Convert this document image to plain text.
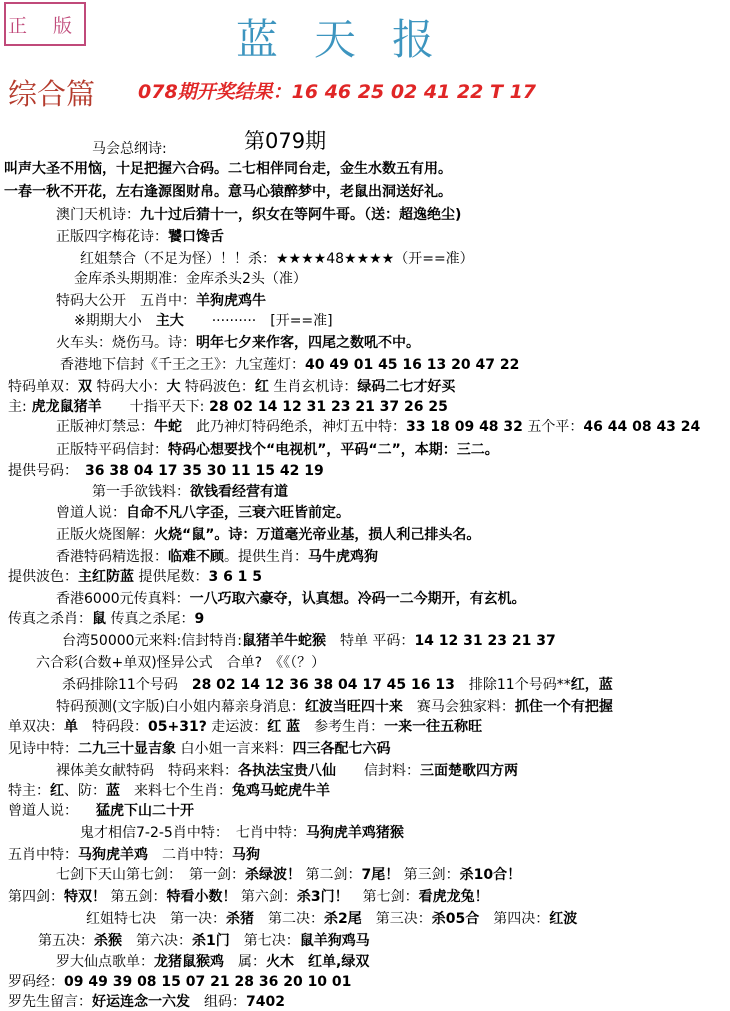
正 版	蓝天报
综合篇 078期开奖结果：16 46 25 02 41 22 T 17
第079期
马会总纲诗:
叫声大圣不用恼，十足把握六合码。二七相伴同台走，金生水数五有用。
一春一秋不开花，左右逢源图财帛。意马心猿醉梦中，老鼠出洞送好礼。
澳门天机诗：九十过后猜十一，织女在等阿牛哥。（送：超逸绝尘)
正版四字梅花诗：饕口馋舌
红姐禁合（不足为怪）！！杀：★★★★48★★★★（开==准）
金库杀头期期准：金库杀头2头（准）
特码大公开　五肖中：羊狗虎鸡牛
※期期大小　主大　　··········　[开==准]
火车头：烧伤马。诗：明年七夕来作客，四尾之数吼不中。
香港地下信封《千王之王》：九宝莲灯：40 49 01 45 16 13 20 47 22
特码单双：双 特码大小：大 特码波色：红 生肖玄机诗：绿码二七才好买
主: 虎龙鼠猪羊　　十指平天下: 28 02 14 12 31 23 21 37 26 25
正版神灯禁忌：牛蛇　此乃神灯特码绝杀，神灯五中特：33 18 09 48 32 五个平：46 44 08 43 24
正版特平码信封：特码心想要找个“电视机”，平码“二”，本期：三二。
提供号码：　36 38 04 17 35 30 11 15 42 19
第一手欲钱料：欲钱看经营有道
曾道人说：自命不凡八字歪，三衰六旺皆前定。
正版火烧图解：火烧“鼠”。诗：万道毫光帝业基，损人利己排头名。
香港特码精选报：临难不顾。提供生肖：马牛虎鸡狗
提供波色：主红防蓝 提供尾数：3 6 1 5
香港6000元传真料：一八巧取六豪夺，认真想。冷码一二今期开，有玄机。
传真之杀肖：鼠 传真之杀尾：9
台湾50000元来料:信封特肖:鼠猪羊牛蛇猴　特单 平码：14 12 31 23 21 37
六合彩(合数+单双)怪异公式　合单?　《《（？）
杀码排除11个号码　28 02 14 12 36 38 04 17 45 16 13　排除11个号码**红，蓝
特码预测(文字版)白小姐内幕亲身消息：红波当旺四十来　赛马会独家料：抓住一个有把握
单双决：单　特码段：05+31? 走运波：红 蓝　参考生肖：一来一往五称旺
见诗中特：二九三十显吉象 白小姐一言来料：四三各配七六码
裸体美女献特码　特码来料：各执法宝贵八仙　　信封料：三面楚歌四方两
特主：红、防：蓝　来料七个生肖：兔鸡马蛇虎牛羊
曾道人说： 猛虎下山二十开
鬼才相信7-2-5肖中特：　七肖中特：马狗虎羊鸡猪猴
五肖中特：马狗虎羊鸡　二肖中特：马狗
七剑下天山第七剑：　第一剑：杀绿波！ 第二剑：7尾！ 第三剑：杀10合！
第四剑：特双！ 第五剑：特看小数！ 第六剑：杀3门！　第七剑：看虎龙兔！
红姐特七决　第一决：杀猪　第二决：杀2尾　第三决：杀05合　第四决：红波
第五决：杀猴　第六决：杀1门　第七决：鼠羊狗鸡马
罗大仙点歌单：龙猪鼠猴鸡　属：火木　 红单,绿双
罗码经：09 49 39 08 15 07 21 28 36 20 10 01
罗先生留言：好运连念一六发　组码：7402
